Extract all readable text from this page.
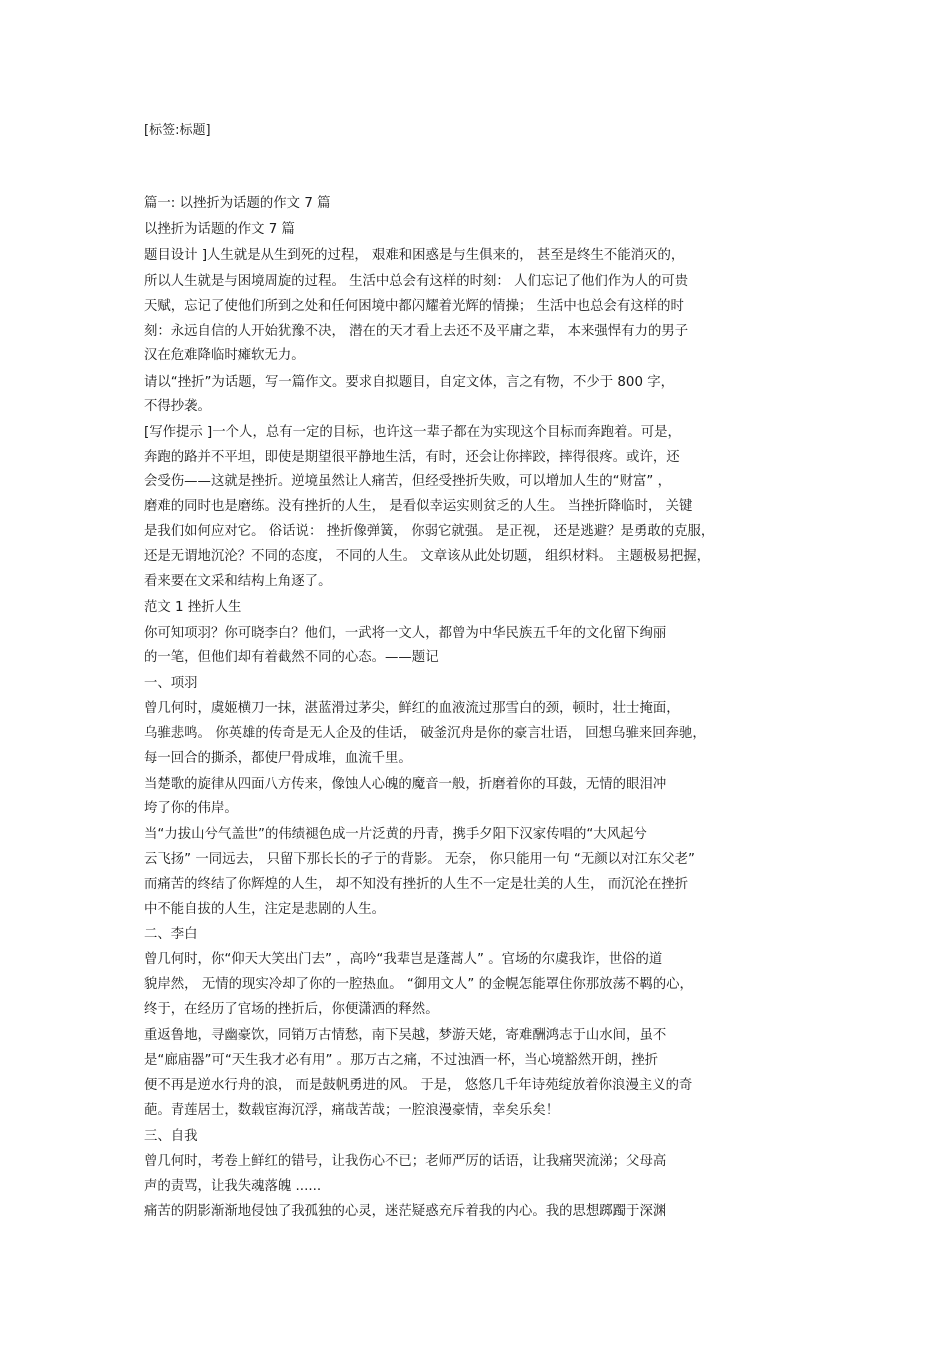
[标签:标题]
篇一: 以挫折为话题的作文 7 篇
以挫折为话题的作文 7 篇
题目设计 ]人生就是从生到死的过程， 艰难和困惑是与生俱来的， 甚至是终生不能消灭的，
所以人生就是与困境周旋的过程。 生活中总会有这样的时刻： 人们忘记了他们作为人的可贵
天赋，忘记了使他们所到之处和任何困境中都闪耀着光辉的情操； 生活中也总会有这样的时
刻：永远自信的人开始犹豫不决， 潜在的天才看上去还不及平庸之辈， 本来强悍有力的男子
汉在危难降临时瘫软无力。
请以“挫折”为话题，写一篇作文。要求自拟题目，自定文体，言之有物，不少于 800 字，
不得抄袭。
[写作提示 ]一个人，总有一定的目标，也许这一辈子都在为实现这个目标而奔跑着。可是，
奔跑的路并不平坦，即使是期望很平静地生活，有时，还会让你摔跤，摔得很疼。或许，还
会受伤——这就是挫折。逆境虽然让人痛苦，但经受挫折失败，可以增加人生的“财富” ，
磨难的同时也是磨练。没有挫折的人生， 是看似幸运实则贫乏的人生。 当挫折降临时， 关键
是我们如何应对它。 俗话说： 挫折像弹簧， 你弱它就强。 是正视， 还是逃避？是勇敢的克服，
还是无谓地沉沦？不同的态度， 不同的人生。 文章该从此处切题， 组织材料。 主题极易把握，
看来要在文采和结构上角逐了。
范文 1 挫折人生
你可知项羽？你可晓李白？他们，一武将一文人，都曾为中华民族五千年的文化留下绚丽
的一笔，但他们却有着截然不同的心态。——题记
一、项羽
曾几何时，虞姬横刀一抹，湛蓝滑过茅尖，鲜红的血液流过那雪白的颈，顿时，壮士掩面，
乌骓悲鸣。 你英雄的传奇是无人企及的佳话， 破釜沉舟是你的豪言壮语， 回想乌骓来回奔驰，
每一回合的撕杀，都使尸骨成堆，血流千里。
当楚歌的旋律从四面八方传来，像蚀人心魄的魔音一般，折磨着你的耳鼓，无情的眼泪冲
垮了你的伟岸。
当“力拔山兮气盖世”的伟绩褪色成一片泛黄的丹青，携手夕阳下汉家传唱的“大风起兮
云飞扬” 一同远去， 只留下那长长的孑亍的背影。 无奈， 你只能用一句 “无颜以对江东父老”
而痛苦的终结了你辉煌的人生， 却不知没有挫折的人生不一定是壮美的人生， 而沉沦在挫折
中不能自拔的人生，注定是悲剧的人生。
二、李白
曾几何时，你“仰天大笑出门去” ，高吟“我辈岂是蓬蒿人” 。官场的尔虞我诈，世俗的道
貌岸然， 无情的现实冷却了你的一腔热血。 “御用文人” 的金幌怎能罩住你那放荡不羁的心，
终于，在经历了官场的挫折后，你便潇洒的释然。
重返鲁地，寻幽豪饮，同销万古情愁，南下吴越，梦游天姥，寄难酬鸿志于山水间，虽不
是“廊庙器”可“天生我才必有用” 。那万古之痛，不过浊酒一杯，当心境豁然开朗，挫折
便不再是逆水行舟的浪， 而是鼓帆勇进的风。 于是， 悠悠几千年诗苑绽放着你浪漫主义的奇
葩。青莲居士，数载宦海沉浮，痛哉苦哉；一腔浪漫豪情，幸矣乐矣！
三、自我
曾几何时，考卷上鲜红的错号，让我伤心不已；老师严厉的话语，让我痛哭流涕；父母高
声的责骂，让我失魂落魄 ......
痛苦的阴影渐渐地侵蚀了我孤独的心灵，迷茫疑惑充斥着我的内心。我的思想踯躅于深渊
